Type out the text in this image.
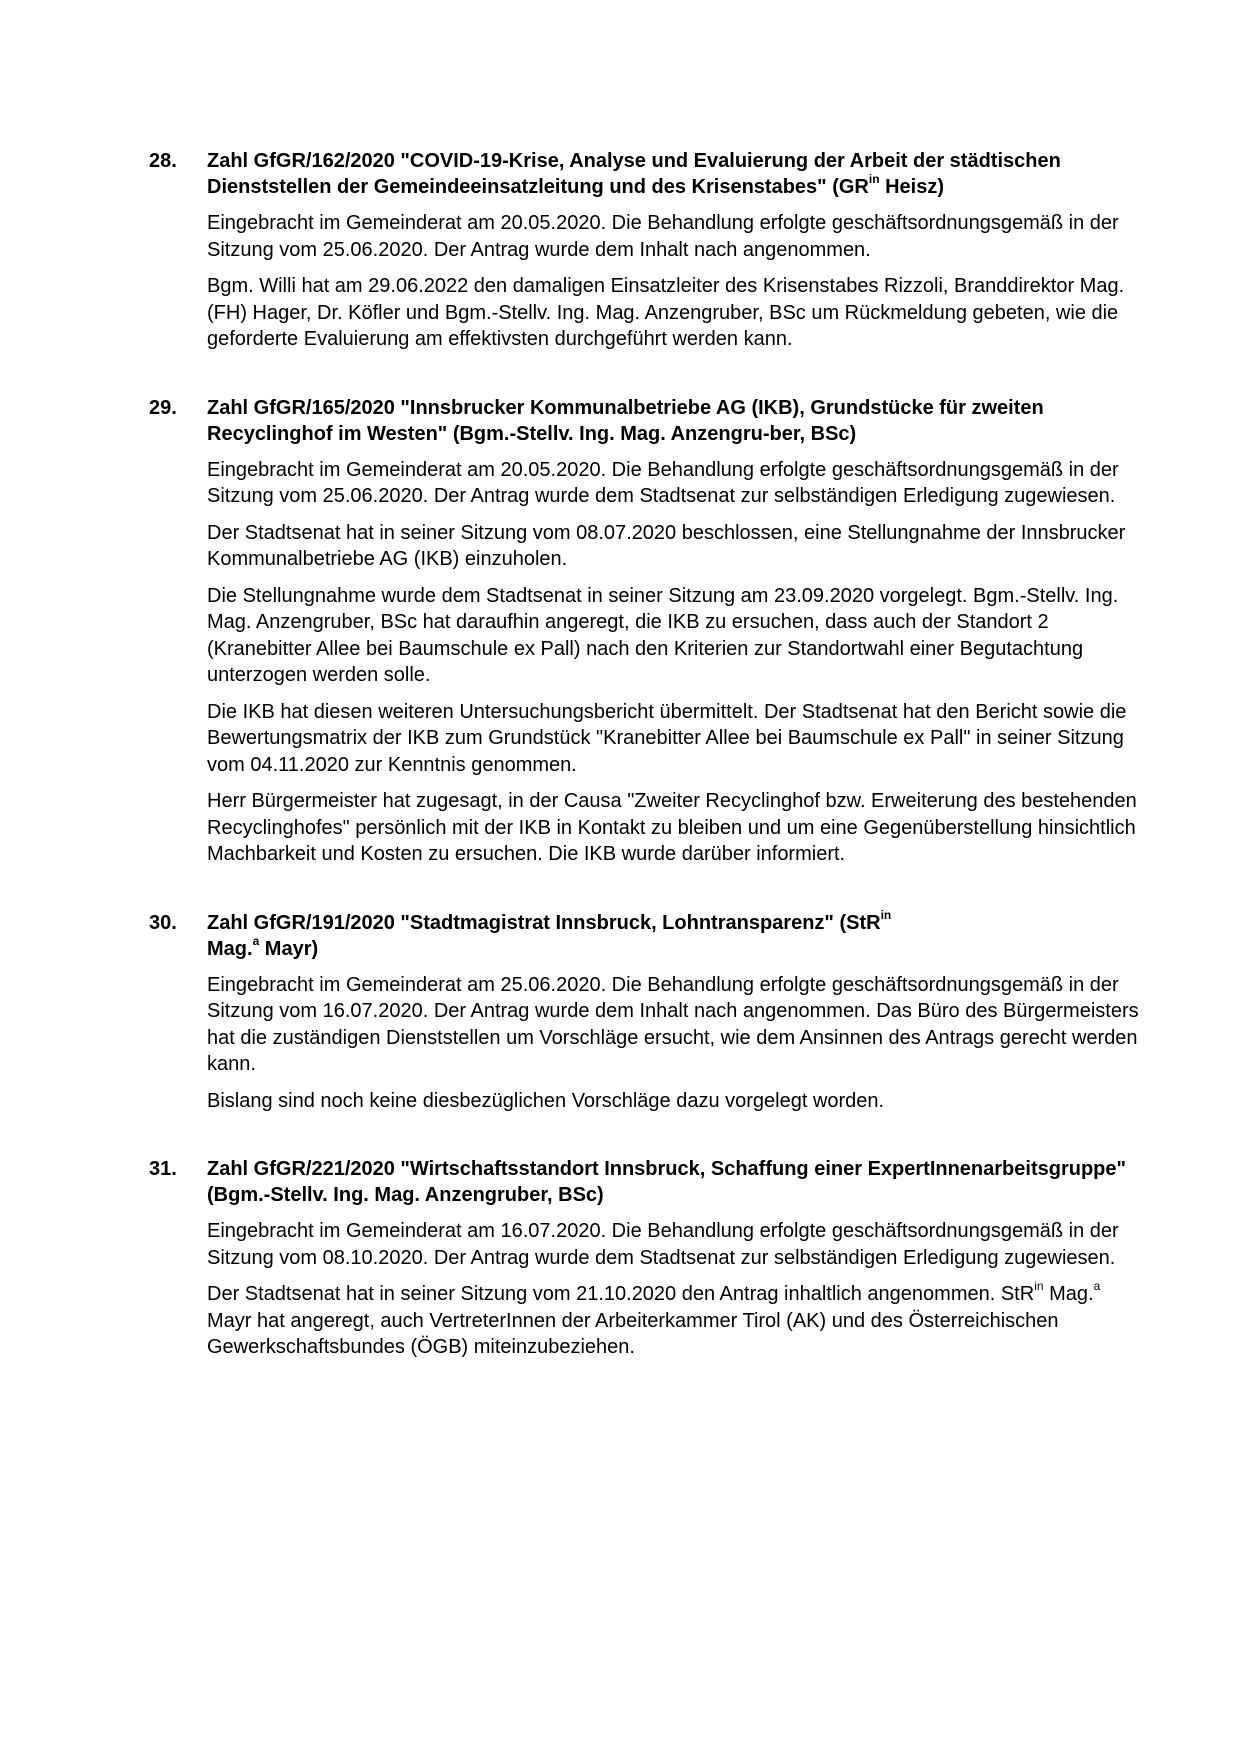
28.	Zahl GfGR/162/2020 "COVID-19-Krise, Analyse und Evaluierung der Arbeit der städtischen Dienststellen der Gemeindeeinsatzleitung und des Krisenstabes" ($GR^{in}$ Heisz)

Eingebracht im Gemeinderat am 20.05.2020. Die Behandlung erfolgte geschäftsordnungsgemäß in der Sitzung vom 25.06.2020. Der Antrag wurde dem Inhalt nach angenommen.

Bgm. Willi hat am 29.06.2022 den damaligen Einsatzleiter des Krisenstabes Rizzoli, Branddirektor Mag. (FH) Hager, Dr. Köfler und Bgm.-Stellv. Ing. Mag. Anzengruber, BSc um Rückmeldung gebeten, wie die geforderte Evaluierung am effektivsten durchgeführt werden kann.

29.	Zahl GfGR/165/2020 "Innsbrucker Kommunalbetriebe AG (IKB), Grundstücke für zweiten Recyclinghof im Westen" (Bgm.-Stellv. Ing. Mag. Anzengru-ber, BSc)

Eingebracht im Gemeinderat am 20.05.2020. Die Behandlung erfolgte geschäftsordnungsgemäß in der Sitzung vom 25.06.2020. Der Antrag wurde dem Stadtsenat zur selbständigen Erledigung zugewiesen.

Der Stadtsenat hat in seiner Sitzung vom 08.07.2020 beschlossen, eine Stellungnahme der Innsbrucker Kommunalbetriebe AG (IKB) einzuholen.

Die Stellungnahme wurde dem Stadtsenat in seiner Sitzung am 23.09.2020 vorgelegt. Bgm.-Stellv. Ing. Mag. Anzengruber, BSc hat daraufhin angeregt, die IKB zu ersuchen, dass auch der Standort 2 (Kranebitter Allee bei Baumschule ex Pall) nach den Kriterien zur Standortwahl einer Begutachtung unterzogen werden solle.

Die IKB hat diesen weiteren Untersuchungsbericht übermittelt. Der Stadtsenat hat den Bericht sowie die Bewertungsmatrix der IKB zum Grundstück "Kranebitter Allee bei Baumschule ex Pall" in seiner Sitzung vom 04.11.2020 zur Kenntnis genommen.

Herr Bürgermeister hat zugesagt, in der Causa "Zweiter Recyclinghof bzw. Erweiterung des bestehenden Recyclinghofes" persönlich mit der IKB in Kontakt zu bleiben und um eine Gegenüberstellung hinsichtlich Machbarkeit und Kosten zu ersuchen. Die IKB wurde darüber informiert.

30.	Zahl GfGR/191/2020 "Stadtmagistrat Innsbruck, Lohntransparenz" (StR$^{in}$
Mag.$^a$ Mayr)

Eingebracht im Gemeinderat am 25.06.2020. Die Behandlung erfolgte geschäftsordnungsgemäß in der Sitzung vom 16.07.2020. Der Antrag wurde dem Inhalt nach angenommen. Das Büro des Bürgermeisters hat die zuständigen Dienststellen um Vorschläge ersucht, wie dem Ansinnen des Antrags gerecht werden kann.

Bislang sind noch keine diesbezüglichen Vorschläge dazu vorgelegt worden.

31.	Zahl GfGR/221/2020 "Wirtschaftsstandort Innsbruck, Schaffung einer ExpertInnenarbeitsgruppe" (Bgm.-Stellv. Ing. Mag. Anzengruber, BSc)

Eingebracht im Gemeinderat am 16.07.2020. Die Behandlung erfolgte geschäftsordnungsgemäß in der Sitzung vom 08.10.2020. Der Antrag wurde dem Stadtsenat zur selbständigen Erledigung zugewiesen.

Der Stadtsenat hat in seiner Sitzung vom 21.10.2020 den Antrag inhaltlich angenommen. StR$^{in}$ Mag.$^a$ Mayr hat angeregt, auch VertreterInnen der Arbeiterkammer Tirol (AK) und des Österreichischen Gewerkschaftsbundes (ÖGB) miteinzubeziehen.
